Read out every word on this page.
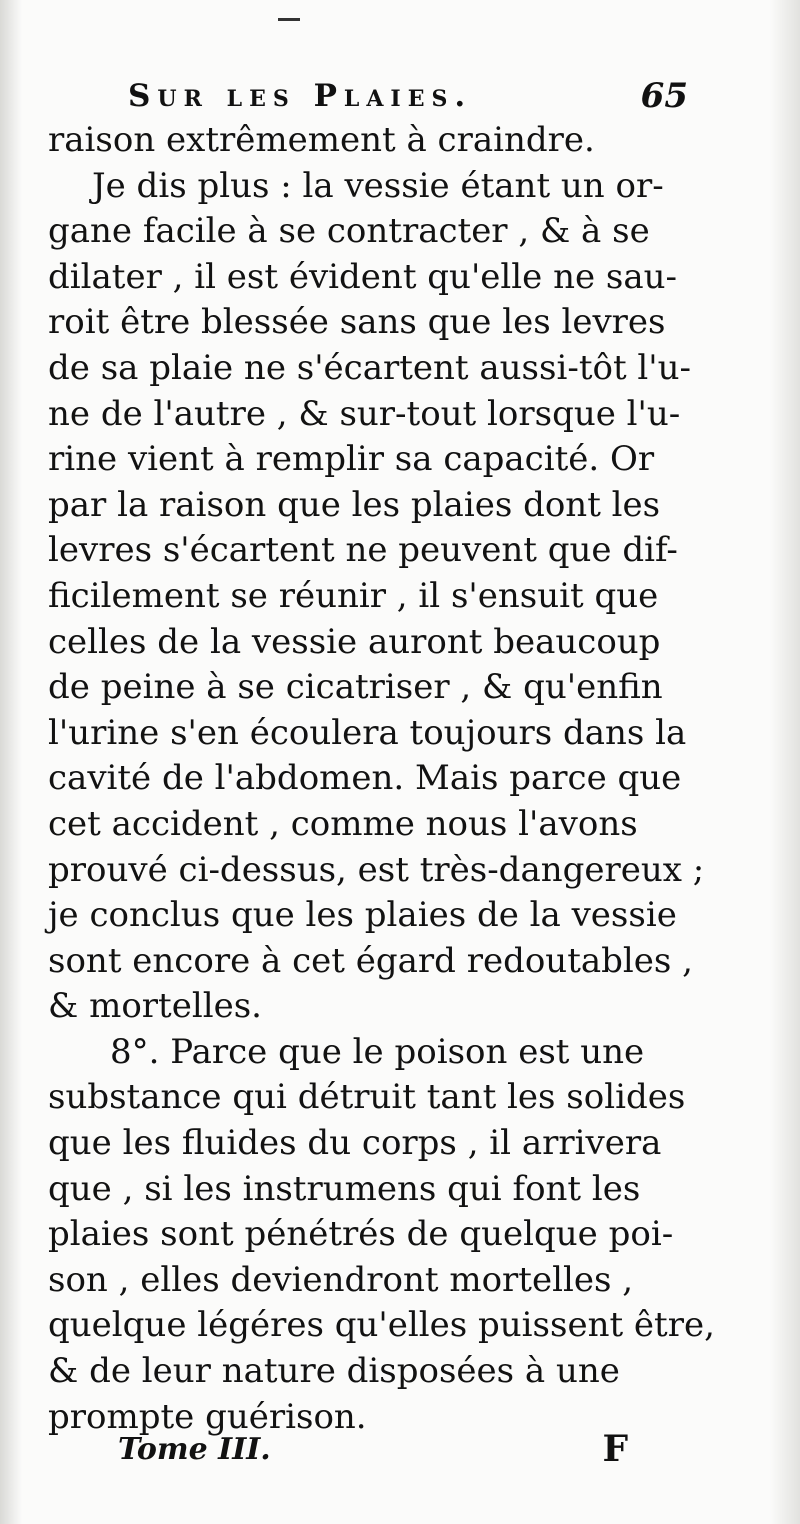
Sur les Plaies.	65
raison extrêmement à craindre.
Je dis plus : la vessie étant un or-
gane facile à se contracter , & à se
dilater , il est évident qu'elle ne sau-
roit être blessée sans que les levres
de sa plaie ne s'écartent aussi-tôt l'u-
ne de l'autre , & sur-tout lorsque l'u-
rine vient à remplir sa capacité. Or
par la raison que les plaies dont les
levres s'écartent ne peuvent que dif-
ficilement se réunir , il s'ensuit que
celles de la vessie auront beaucoup
de peine à se cicatriser , & qu'enfin
l'urine s'en écoulera toujours dans la
cavité de l'abdomen. Mais parce que
cet accident , comme nous l'avons
prouvé ci-dessus, est très-dangereux ;
je conclus que les plaies de la vessie
sont encore à cet égard redoutables ,
& mortelles.
8°. Parce que le poison est une
substance qui détruit tant les solides
que les fluides du corps , il arrivera
que , si les instrumens qui font les
plaies sont pénétrés de quelque poi-
son , elles deviendront mortelles ,
quelque légéres qu'elles puissent être,
& de leur nature disposées à une
prompte guérison.
Tome III.	F
